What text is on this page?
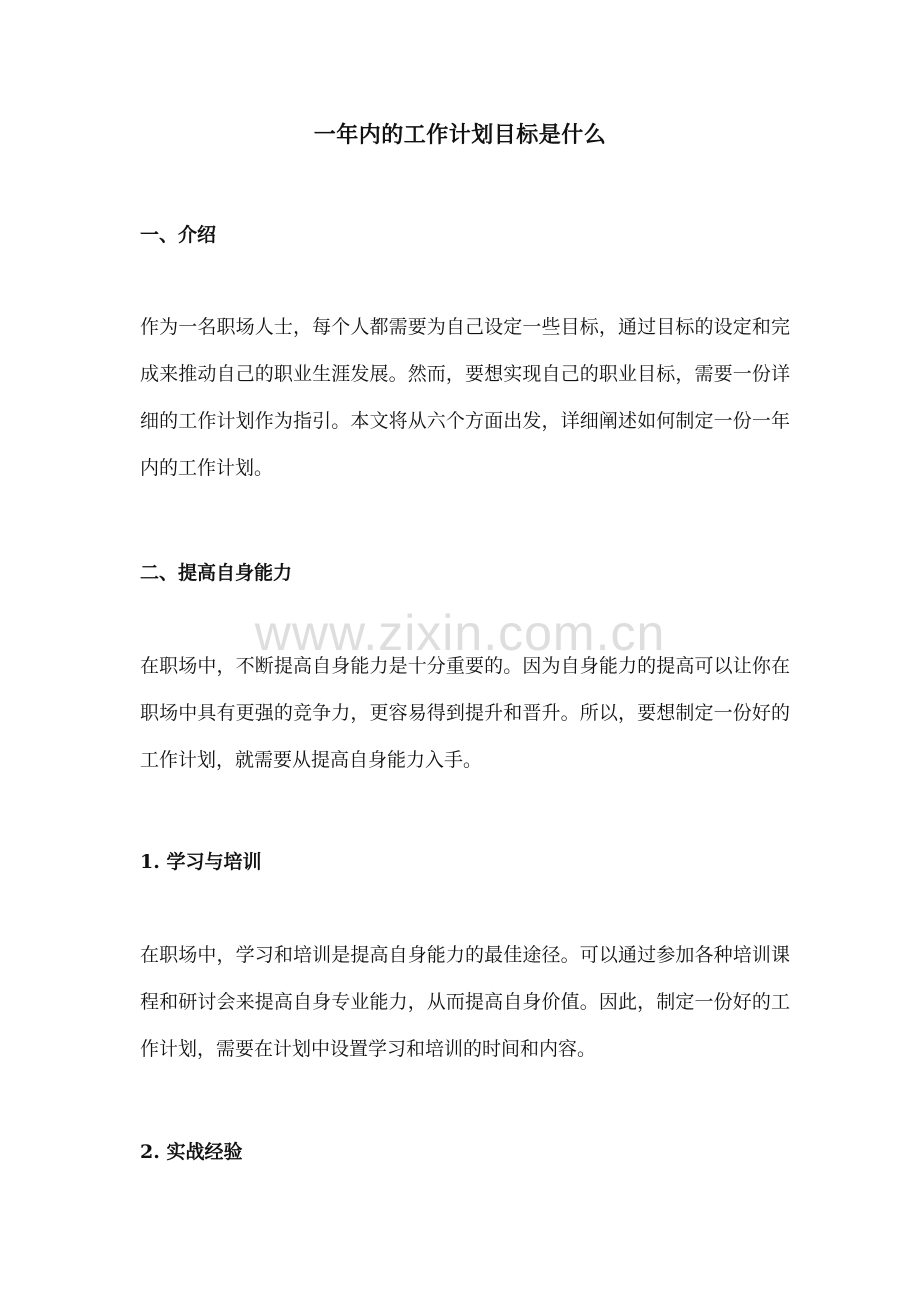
www.zixin.com.cn
一年内的工作计划目标是什么
一、介绍

作为一名职场人士，每个人都需要为自己设定一些目标，通过目标的设定和完成来推动自己的职业生涯发展。然而，要想实现自己的职业目标，需要一份详细的工作计划作为指引。本文将从六个方面出发，详细阐述如何制定一份一年内的工作计划。

二、提高自身能力

在职场中，不断提高自身能力是十分重要的。因为自身能力的提高可以让你在职场中具有更强的竞争力，更容易得到提升和晋升。所以，要想制定一份好的工作计划，就需要从提高自身能力入手。

1. 学习与培训

在职场中，学习和培训是提高自身能力的最佳途径。可以通过参加各种培训课程和研讨会来提高自身专业能力，从而提高自身价值。因此，制定一份好的工作计划，需要在计划中设置学习和培训的时间和内容。

2. 实战经验
